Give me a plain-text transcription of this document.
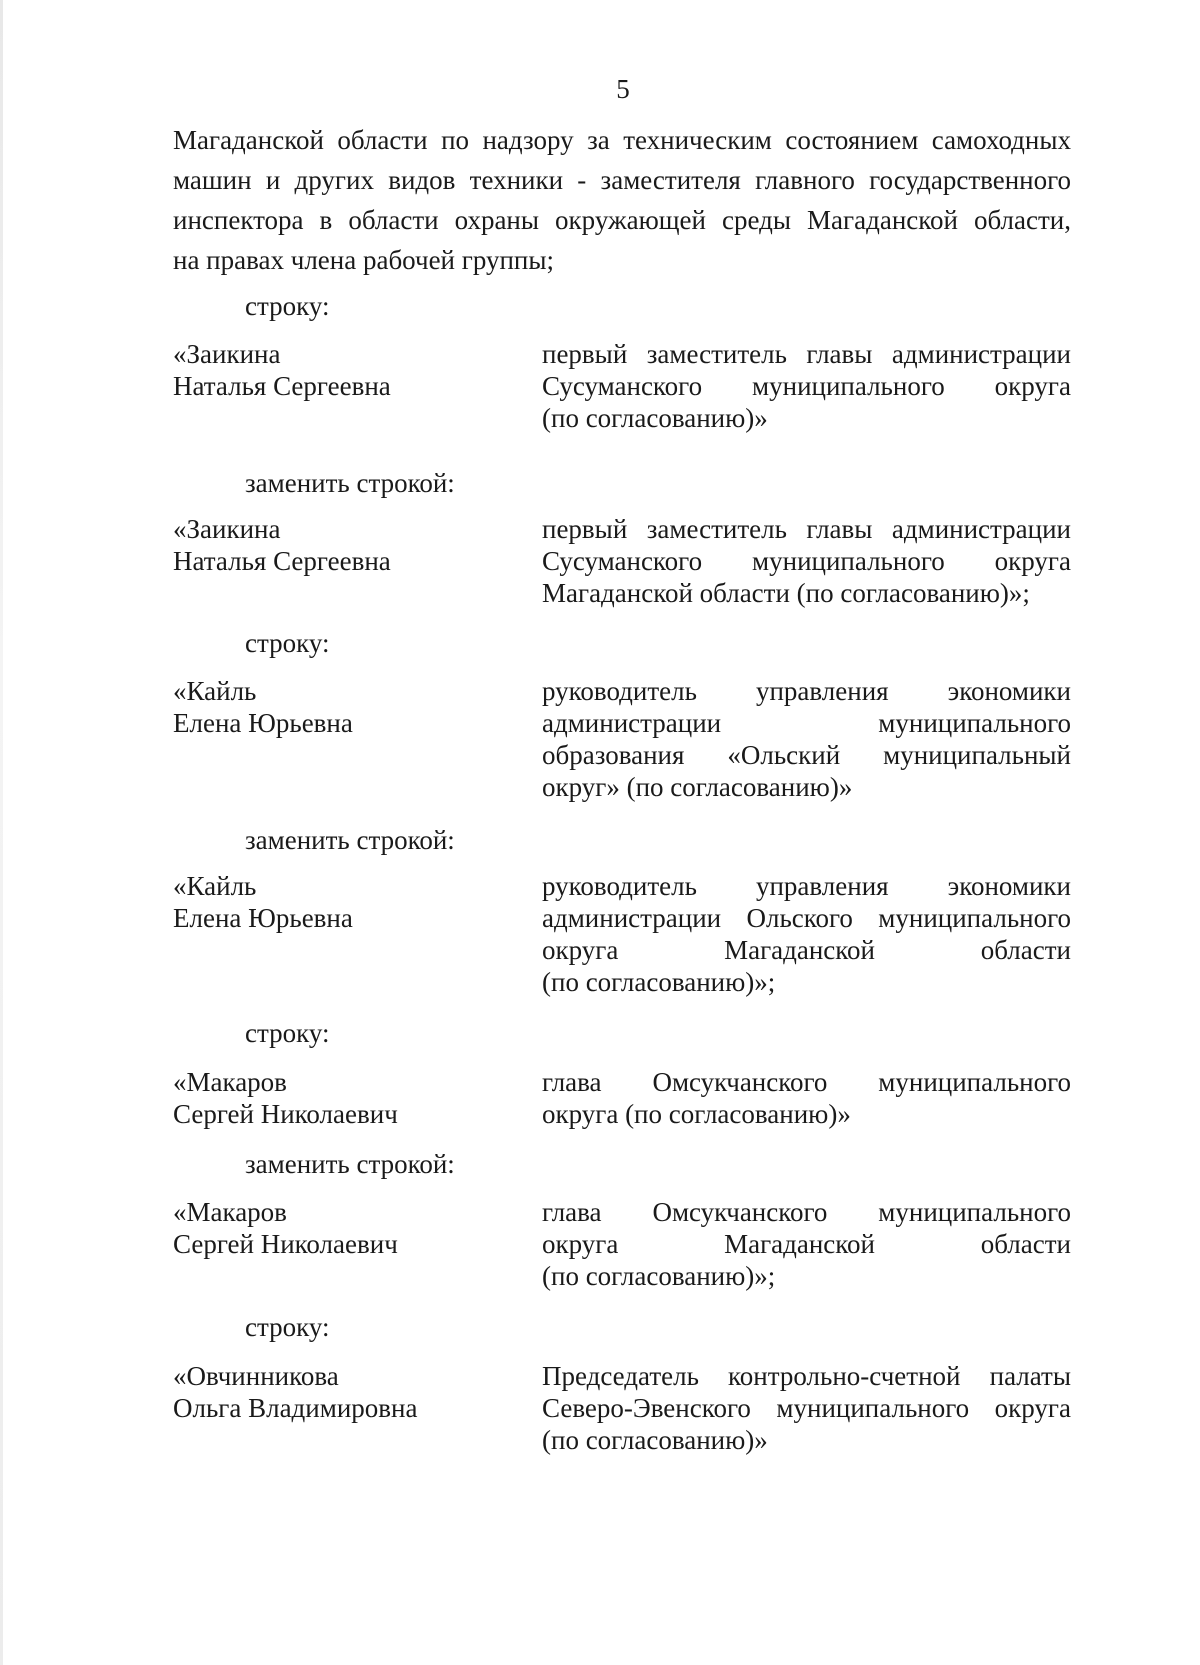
5
Магаданской области по надзору за техническим состоянием самоходных
машин и других видов техники - заместителя главного государственного
инспектора в области охраны окружающей среды Магаданской области,
на правах члена рабочей группы;
строку:
«Заикина
Наталья Сергеевна
первый заместитель главы администрации
Сусуманского муниципального округа
(по согласованию)»
заменить строкой:
«Заикина
Наталья Сергеевна
первый заместитель главы администрации
Сусуманского муниципального округа
Магаданской области (по согласованию)»;
строку:
«Кайль
Елена Юрьевна
руководитель управления экономики
администрации муниципального
образования «Ольский муниципальный
округ» (по согласованию)»
заменить строкой:
«Кайль
Елена Юрьевна
руководитель управления экономики
администрации Ольского муниципального
округа Магаданской области
(по согласованию)»;
строку:
«Макаров
Сергей Николаевич
глава Омсукчанского муниципального
округа (по согласованию)»
заменить строкой:
«Макаров
Сергей Николаевич
глава Омсукчанского муниципального
округа Магаданской области
(по согласованию)»;
строку:
«Овчинникова
Ольга Владимировна
Председатель контрольно-счетной палаты
Северо-Эвенского муниципального округа
(по согласованию)»
